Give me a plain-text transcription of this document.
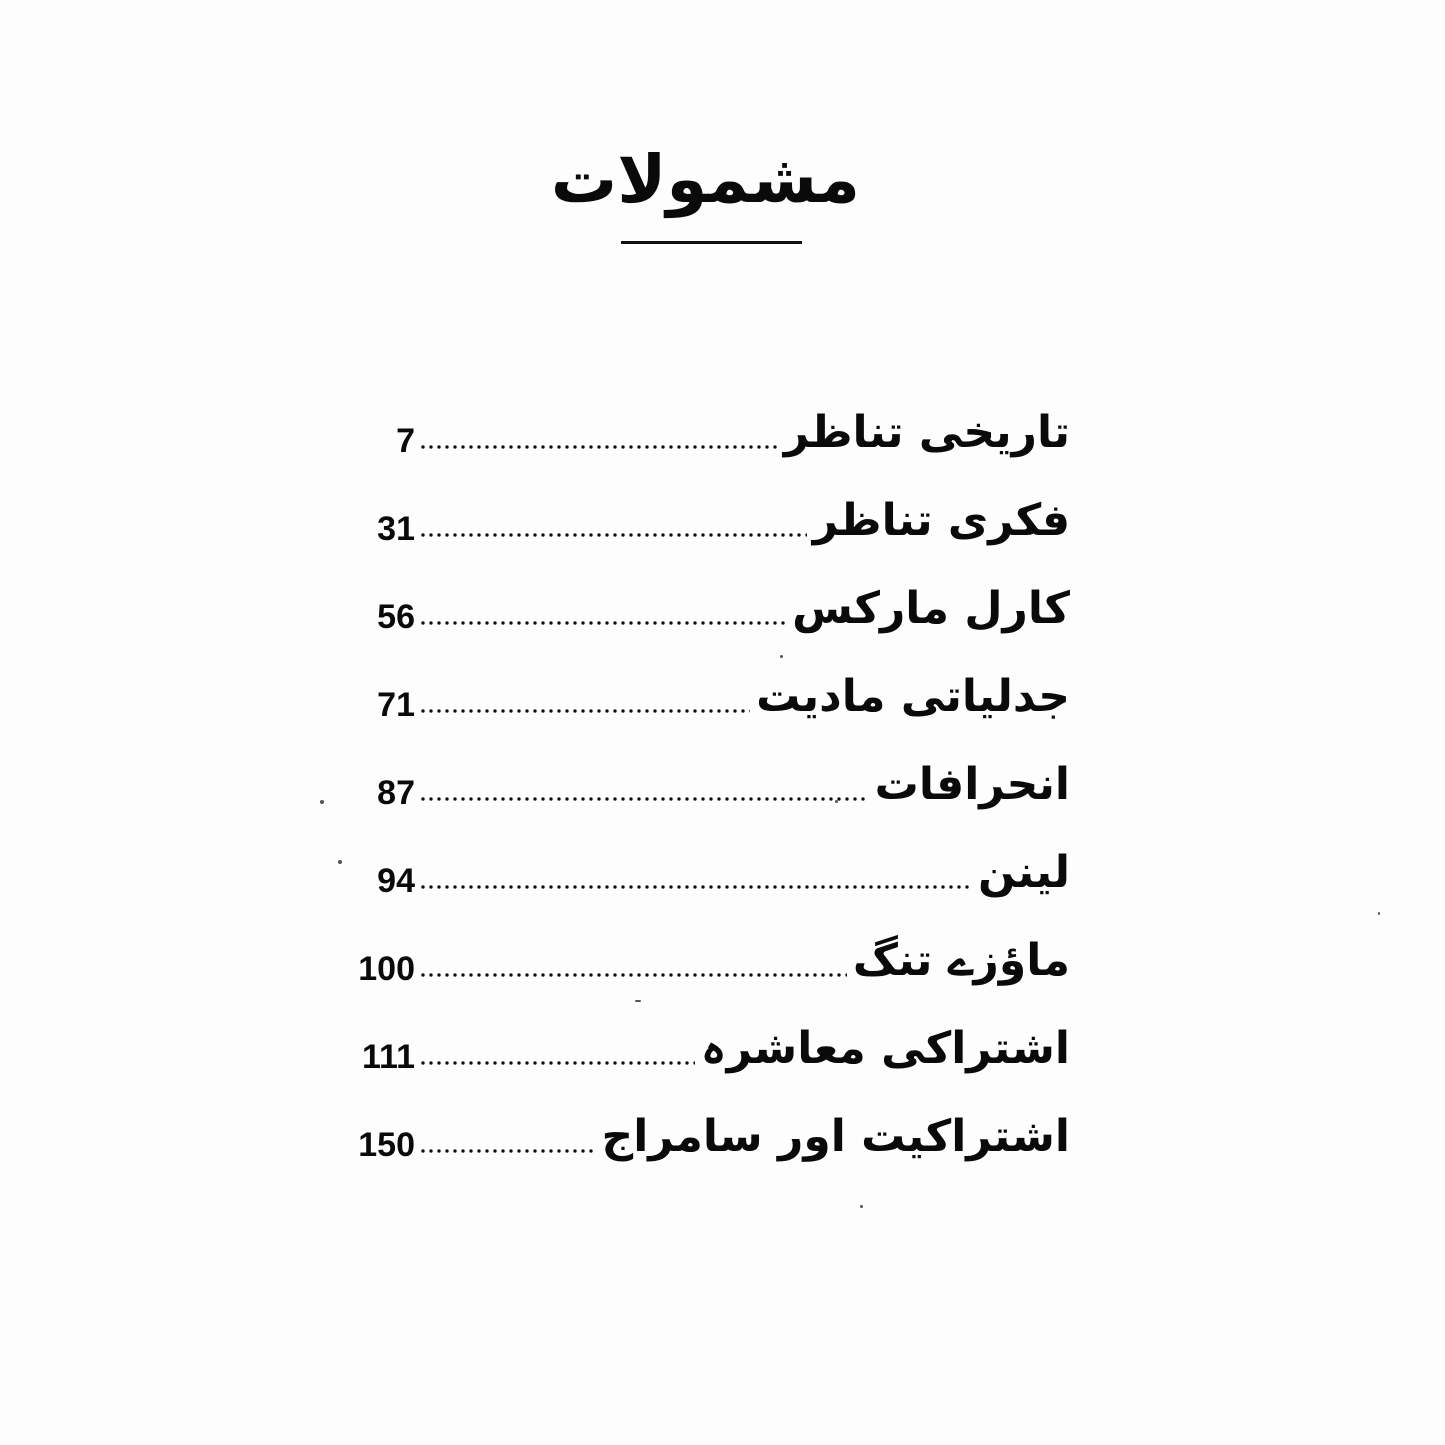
مشمولات
7	تاریخی تناظر
31	فکری تناظر
56	کارل مارکس
71	جدلیاتی مادیت
87	انحرافات
94	لینن
100	ماؤزے تنگ
111	اشتراکی معاشرہ
150	اشتراکیت اور سامراج
